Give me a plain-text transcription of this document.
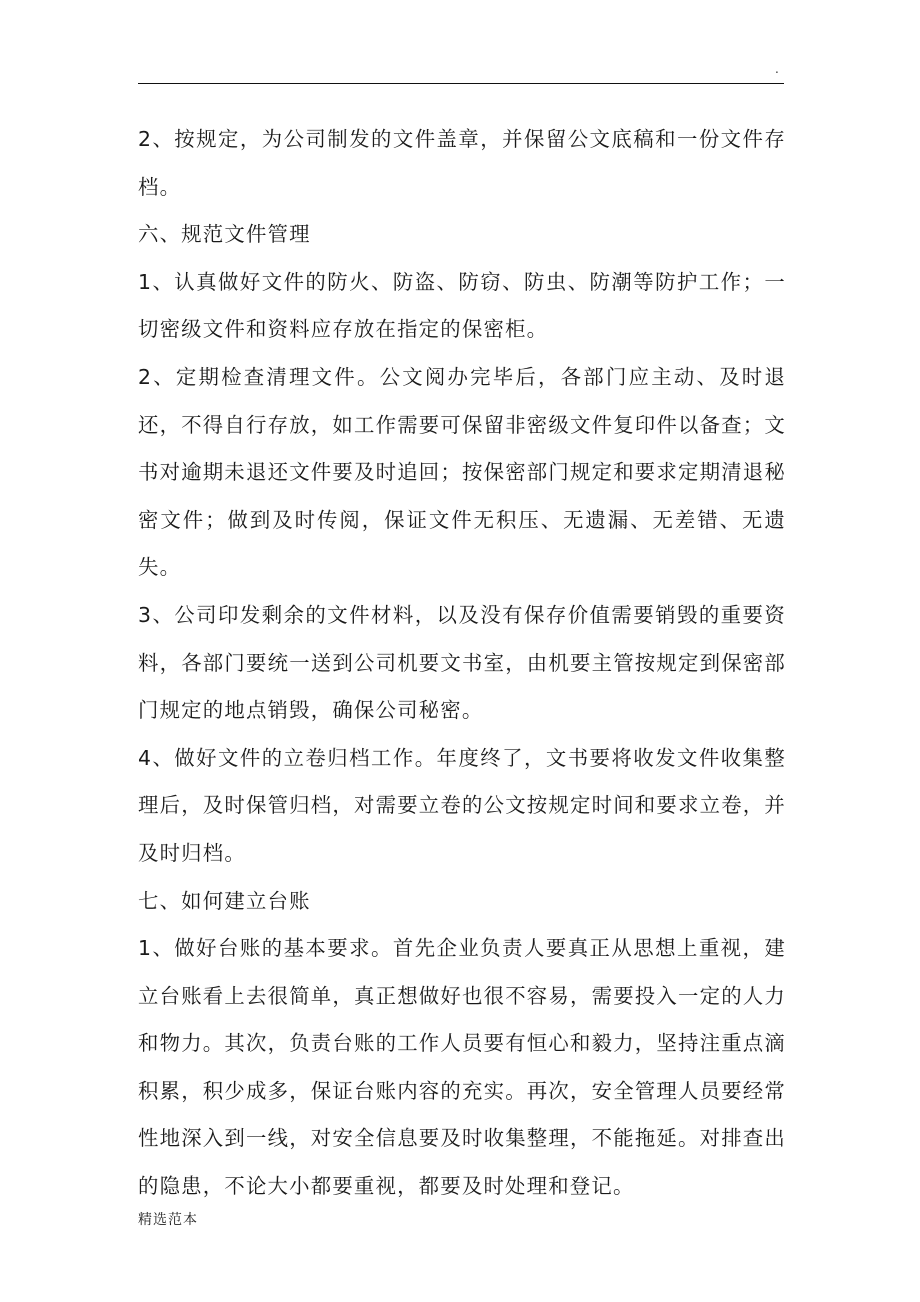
.

2、按规定，为公司制发的文件盖章，并保留公文底稿和一份文件存档。

六、规范文件管理

1、认真做好文件的防火、防盗、防窃、防虫、防潮等防护工作；一切密级文件和资料应存放在指定的保密柜。

2、定期检查清理文件。公文阅办完毕后，各部门应主动、及时退还，不得自行存放，如工作需要可保留非密级文件复印件以备查；文书对逾期未退还文件要及时追回；按保密部门规定和要求定期清退秘密文件；做到及时传阅，保证文件无积压、无遗漏、无差错、无遗失。

3、公司印发剩余的文件材料，以及没有保存价值需要销毁的重要资料，各部门要统一送到公司机要文书室，由机要主管按规定到保密部门规定的地点销毁，确保公司秘密。

4、做好文件的立卷归档工作。年度终了，文书要将收发文件收集整理后，及时保管归档，对需要立卷的公文按规定时间和要求立卷，并及时归档。

七、如何建立台账

1、做好台账的基本要求。首先企业负责人要真正从思想上重视，建立台账看上去很简单，真正想做好也很不容易，需要投入一定的人力和物力。其次，负责台账的工作人员要有恒心和毅力，坚持注重点滴积累，积少成多，保证台账内容的充实。再次，安全管理人员要经常性地深入到一线，对安全信息要及时收集整理，不能拖延。对排查出的隐患，不论大小都要重视，都要及时处理和登记。

精选范本
